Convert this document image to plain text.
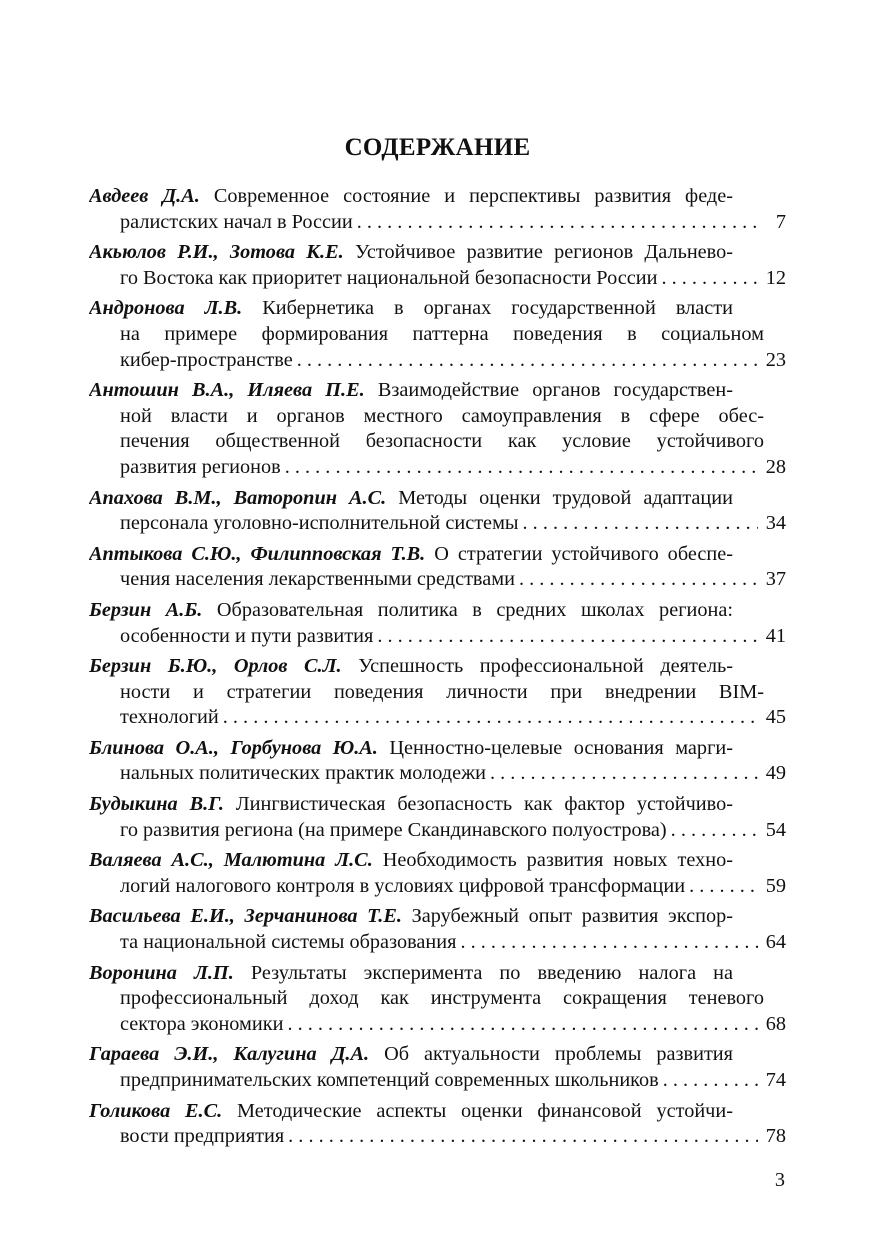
СОДЕРЖАНИЕ
Авдеев Д.А. Современное состояние и перспективы развития феде-
ралистских начал в России . . .	7
Акьюлов Р.И., Зотова К.Е. Устойчивое развитие регионов Дальнево-
го Востока как приоритет национальной безопасности России . . .	12
Андронова Л.В. Кибернетика в органах государственной власти
на примере формирования паттерна поведения в социальном
кибер-пространстве . . .	23
Антошин В.А., Иляева П.Е. Взаимодействие органов государствен-
ной власти и органов местного самоуправления в сфере обес-
печения общественной безопасности как условие устойчивого
развития регионов . . .	28
Апахова В.М., Ваторопин А.С. Методы оценки трудовой адаптации
персонала уголовно-исполнительной системы . . .	34
Аптыкова С.Ю., Филипповская Т.В. О стратегии устойчивого обеспе-
чения населения лекарственными средствами . . .	37
Берзин А.Б. Образовательная политика в средних школах региона:
особенности и пути развития . . .	41
Берзин Б.Ю., Орлов С.Л. Успешность профессиональной деятель-
ности и стратегии поведения личности при внедрении BIM-
технологий . . .	45
Блинова О.А., Горбунова Ю.А. Ценностно-целевые основания марги-
нальных политических практик молодежи . . .	49
Будыкина В.Г. Лингвистическая безопасность как фактор устойчиво-
го развития региона (на примере Скандинавского полуострова) . . .	54
Валяева А.С., Малютина Л.С. Необходимость развития новых техно-
логий налогового контроля в условиях цифровой трансформации . . .	59
Васильева Е.И., Зерчанинова Т.Е. Зарубежный опыт развития экспор-
та национальной системы образования . . .	64
Воронина Л.П. Результаты эксперимента по введению налога на
профессиональный доход как инструмента сокращения теневого
сектора экономики . . .	68
Гараева Э.И., Калугина Д.А. Об актуальности проблемы развития
предпринимательских компетенций современных школьников . . .	74
Голикова Е.С. Методические аспекты оценки финансовой устойчи-
вости предприятия . . .	78
3
